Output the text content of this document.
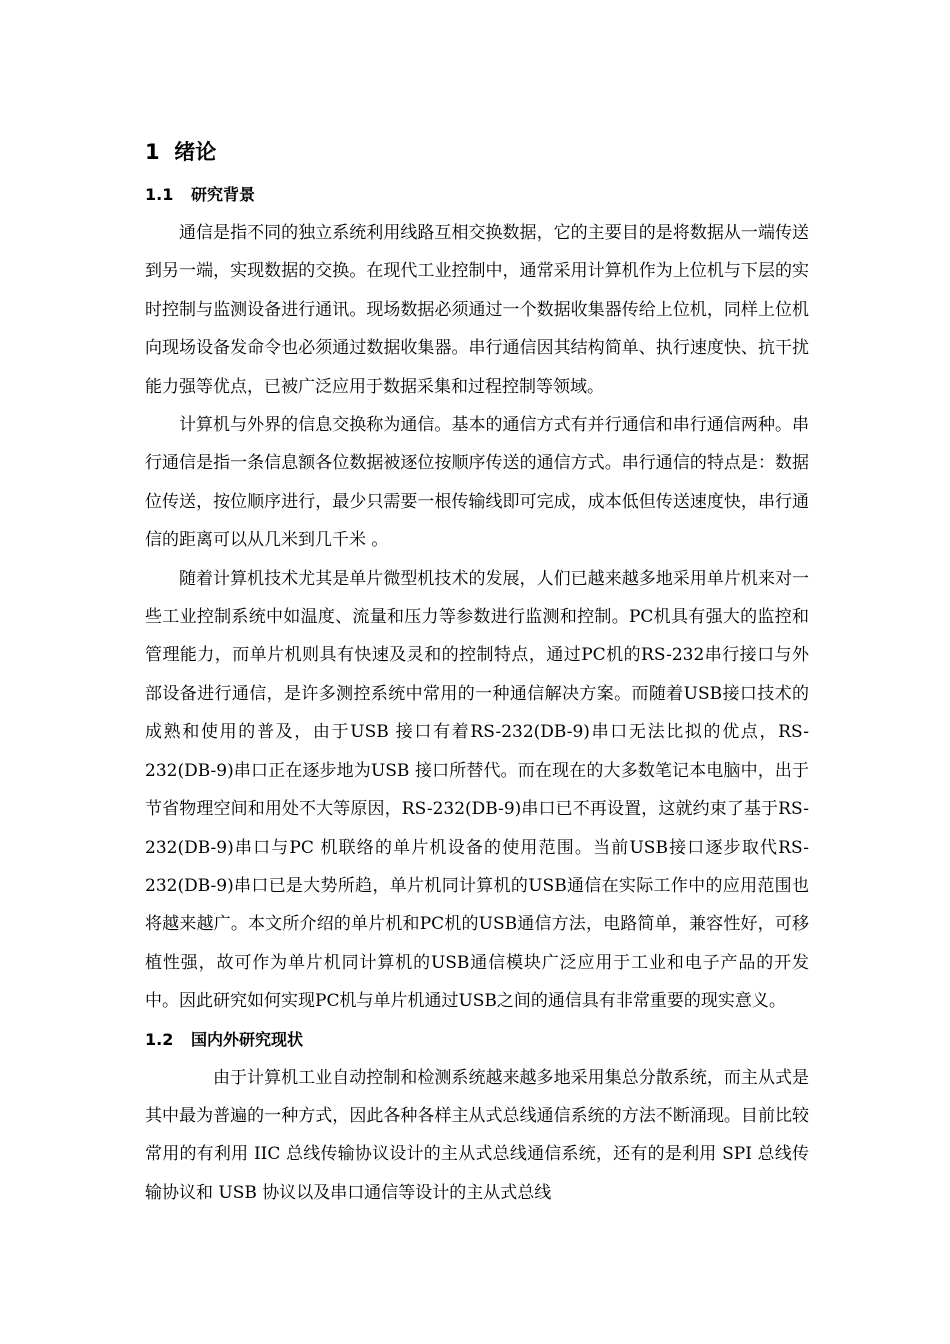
1 绪论
1.1 研究背景

通信是指不同的独立系统利用线路互相交换数据，它的主要目的是将数据从一端传送到另一端，实现数据的交换。在现代工业控制中，通常采用计算机作为上位机与下层的实时控制与监测设备进行通讯。现场数据必须通过一个数据收集器传给上位机，同样上位机向现场设备发命令也必须通过数据收集器。串行通信因其结构简单、执行速度快、抗干扰能力强等优点，已被广泛应用于数据采集和过程控制等领域。

计算机与外界的信息交换称为通信。基本的通信方式有并行通信和串行通信两种。串行通信是指一条信息额各位数据被逐位按顺序传送的通信方式。串行通信的特点是：数据位传送，按位顺序进行，最少只需要一根传输线即可完成，成本低但传送速度快，串行通信的距离可以从几米到几千米 。

随着计算机技术尤其是单片微型机技术的发展，人们已越来越多地采用单片机来对一些工业控制系统中如温度、流量和压力等参数进行监测和控制。PC机具有强大的监控和管理能力，而单片机则具有快速及灵和的控制特点，通过PC机的RS-232串行接口与外部设备进行通信，是许多测控系统中常用的一种通信解决方案。而随着USB接口技术的成熟和使用的普及，由于USB 接口有着RS-232(DB-9)串口无法比拟的优点，RS-232(DB-9)串口正在逐步地为USB 接口所替代。而在现在的大多数笔记本电脑中，出于节省物理空间和用处不大等原因，RS-232(DB-9)串口已不再设置，这就约束了基于RS-232(DB-9)串口与PC 机联络的单片机设备的使用范围。当前USB接口逐步取代RS-232(DB-9)串口已是大势所趋，单片机同计算机的USB通信在实际工作中的应用范围也将越来越广。本文所介绍的单片机和PC机的USB通信方法，电路简单，兼容性好，可移植性强，故可作为单片机同计算机的USB通信模块广泛应用于工业和电子产品的开发中。因此研究如何实现PC机与单片机通过USB之间的通信具有非常重要的现实意义。

1.2 国内外研究现状

由于计算机工业自动控制和检测系统越来越多地采用集总分散系统，而主从式是其中最为普遍的一种方式，因此各种各样主从式总线通信系统的方法不断涌现。目前比较常用的有利用 IIC 总线传输协议设计的主从式总线通信系统，还有的是利用 SPI 总线传输协议和 USB 协议以及串口通信等设计的主从式总线
